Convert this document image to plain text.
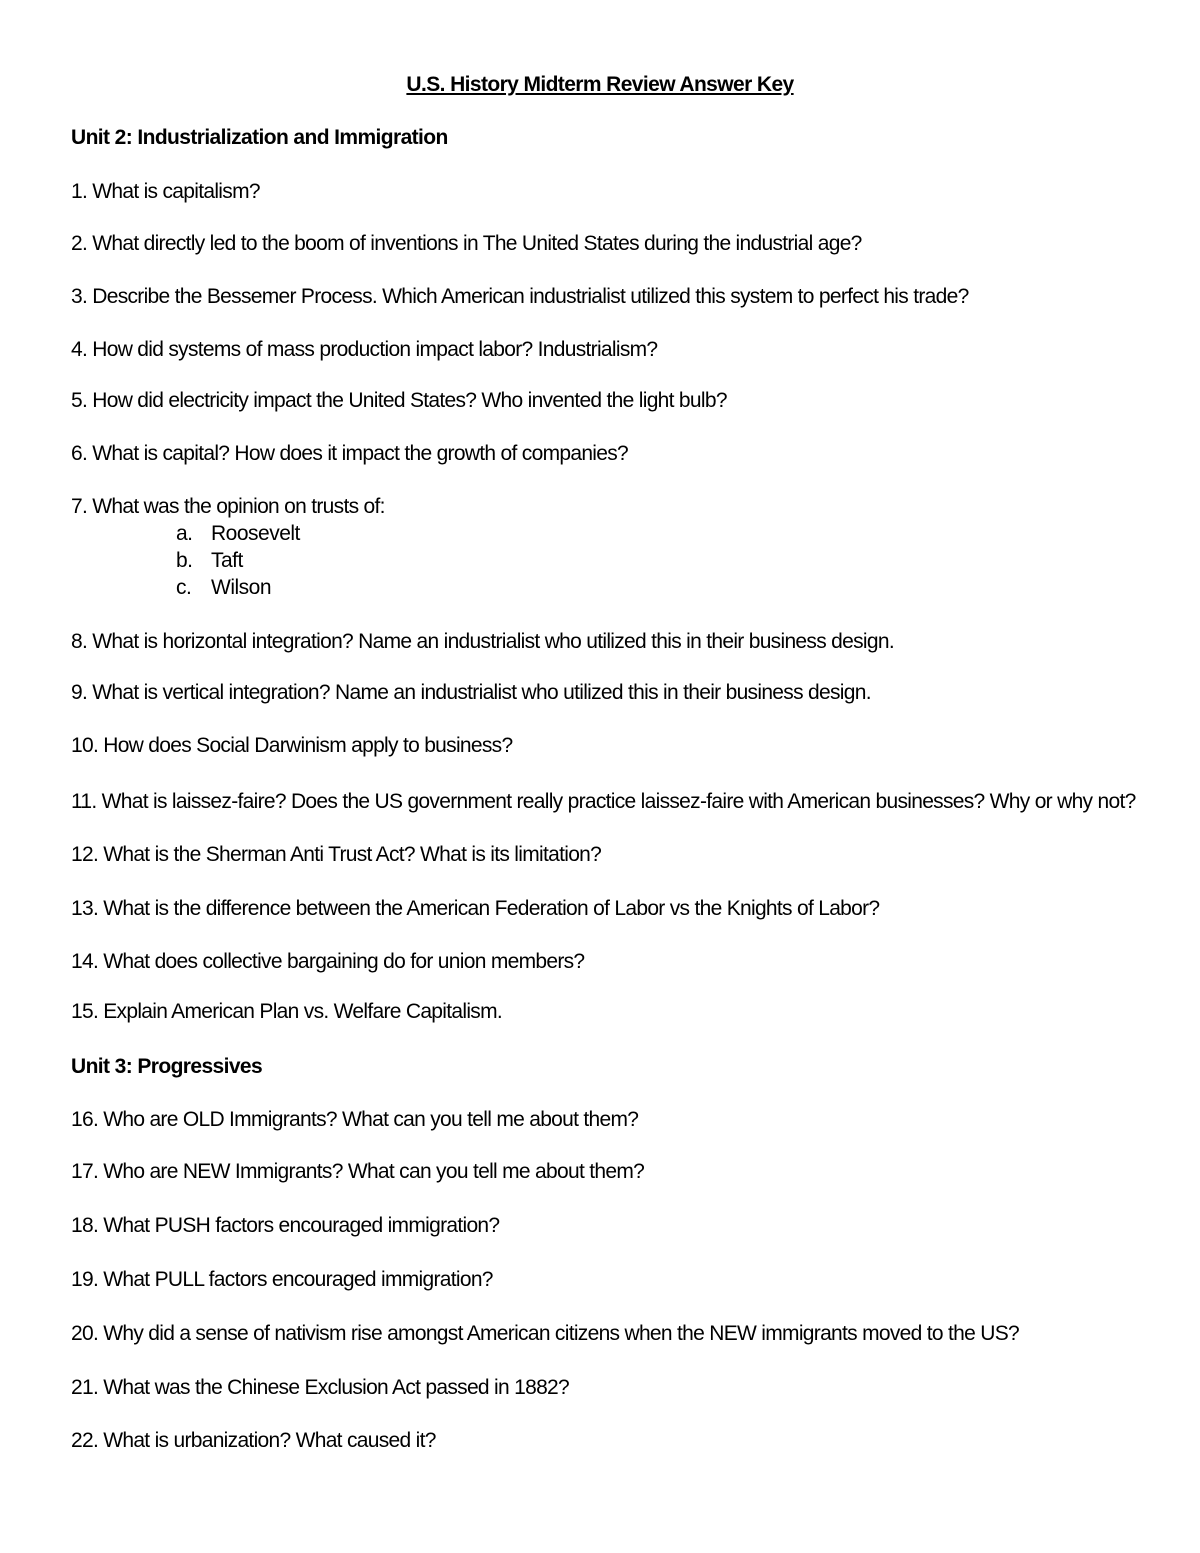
U.S. History Midterm Review Answer Key
Unit 2: Industrialization and Immigration
1. What is capitalism?
2. What directly led to the boom of inventions in The United States during the industrial age?
3. Describe the Bessemer Process. Which American industrialist utilized this system to perfect his trade?
4. How did systems of mass production impact labor? Industrialism?
5. How did electricity impact the United States? Who invented the light bulb?
6. What is capital? How does it impact the growth of companies?
7. What was the opinion on trusts of:
a. Roosevelt
b. Taft
c. Wilson
8. What is horizontal integration? Name an industrialist who utilized this in their business design.
9. What is vertical integration? Name an industrialist who utilized this in their business design.
10. How does Social Darwinism apply to business?
11. What is laissez-faire? Does the US government really practice laissez-faire with American businesses? Why or why not?
12. What is the Sherman Anti Trust Act? What is its limitation?
13. What is the difference between the American Federation of Labor vs the Knights of Labor?
14. What does collective bargaining do for union members?
15. Explain American Plan vs. Welfare Capitalism.
Unit 3: Progressives
16. Who are OLD Immigrants? What can you tell me about them?
17. Who are NEW Immigrants? What can you tell me about them?
18. What PUSH factors encouraged immigration?
19. What PULL factors encouraged immigration?
20. Why did a sense of nativism rise amongst American citizens when the NEW immigrants moved to the US?
21. What was the Chinese Exclusion Act passed in 1882?
22. What is urbanization? What caused it?
